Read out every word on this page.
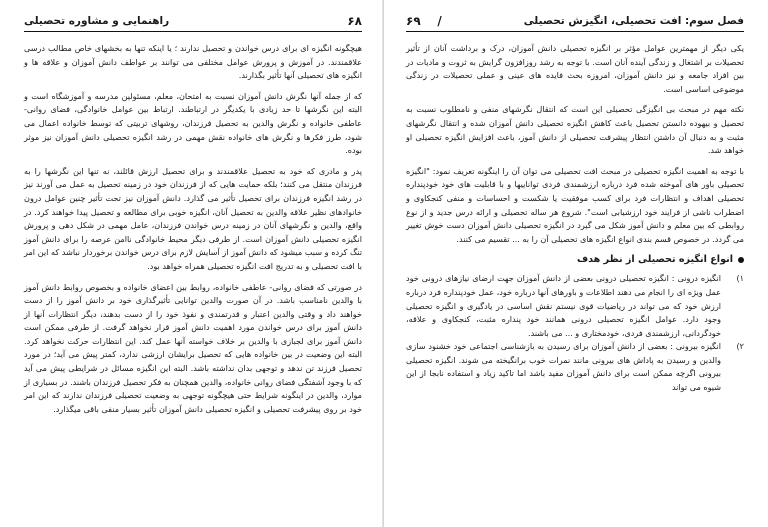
۶۸
راهنمایی و مشاوره تحصیلی

هیچگونه انگیزه ای برای درس خواندن و تحصیل ندارند ؛ یا اینکه تنها به بخشهای خاص مطالب درسی علاقمندند. در آموزش و پرورش عوامل مختلفی می توانند بر عواطف دانش آموزان و علاقه ها و انگیزه های تحصیلی آنها تأثیر بگذارند.

که از جمله آنها نگرش دانش آموزان نسبت به امتحان، معلم، مسئولین مدرسه و آموزشگاه است و البته این نگرشها تا حد زیادی با یکدیگر در ارتباطند. ارتباط بین عوامل خانوادگی، فضای روانی- عاطفی خانواده و نگرش والدین به تحصیل فرزندان، روشهای تربیتی که توسط خانواده اعمال می شود، طرز فکرها و نگرش های خانواده نقش مهمی در رشد انگیزه تحصیلی دانش آموزان نیز موثر بوده.

پدر و مادری که خود به تحصیل علاقمندند و برای تحصیل ارزش قائلند، نه تنها این نگرشها را به فرزندان منتقل می کنند؛ بلکه حمایت هایی که از فرزندان خود در زمینه تحصیل به عمل می آورند نیز در رشد انگیزه فرزندان برای تحصیل تأثیر می گذارد. دانش آموزان نیز تحت تأثیر چنین عوامل درون خانوادهای نظیر علاقه والدین به تحصیل آنان، انگیزه خوبی برای مطالعه و تحصیل پیدا خواهند کرد. در واقع، والدین و نگرشهای آنان در زمینه درس خواندن فرزندان، عامل مهمی در شکل دهی و پرورش انگیزه تحصیلی دانش آموزان است. از طرفی دیگر محیط خانوادگی ناامن عرصه را برای دانش آموز تنگ کرده و سبب میشود که دانش آموز از آسایش لازم برای درس خواندن برخوردار نباشد که این امر با افت تحصیلی و به تدریج افت انگیزه تحصیلی همراه خواهد بود.

در صورتی که فضای روانی- عاطفی خانواده، روابط بین اعضای خانواده و بخصوص روابط دانش آموز با والدین نامناسب باشد. در آن صورت والدین توانایی تأثیرگذاری خود بر دانش آموز را از دست خواهند داد و وقتی والدین اعتبار و قدرتمندی و نفوذ خود را از دست بدهند، دیگر انتظارات آنها از دانش آموز برای درس خواندن مورد اهمیت دانش آموز قرار نخواهد گرفت. از طرفی ممکن است دانش آموز برای لجبازی با والدین بر خلاف خواسته آنها عمل کند. این انتظارات حرکت نخواهد کرد. البته این وضعیت در بین خانواده هایی که تحصیل برایشان ارزشی ندارد، کمتر پیش می آید؛ در مورد تحصیل فرزند تن ندهد و توجهی بدان نداشته باشد. البته این انگیزه مسائل در شرایطی پیش می آید که با وجود آشفتگی فضای روانی خانواده، والدین همچنان به فکر تحصیل فرزندان باشند. در بسیاری از موارد، والدین در اینگونه شرایط حتی هیچگونه توجهی به وضعیت تحصیلی فرزندان ندارند که این امر خود بر روی پیشرفت تحصیلی و انگیزه تحصیلی دانش آموزان تأثیر بسیار منفی باقی میگذارد.

فصل سوم: افت تحصیلی، انگیزش تحصیلی
/    ۶۹

یکی دیگر از مهمترین عوامل مؤثر بر انگیزه تحصیلی دانش آموزان، درک و برداشت آنان از تأثیر تحصیلات بر اشتغال و زندگی آینده آنان است. با توجه به رشد روزافزون گرایش به ثروت و مادیات در بین افراد جامعه و نیز دانش آموزان، امروزه بحث فایده های عینی و عملی تحصیلات در زندگی موضوعی اساسی است.

نکته مهم در مبحث بی انگیزگی تحصیلی این است که انتقال نگرشهای منفی و نامطلوب نسبت به تحصیل و بیهوده دانستن تحصیل باعث کاهش انگیزه تحصیلی دانش آموزان شده و انتقال نگرشهای مثبت و به دنبال آن داشتن انتظار پیشرفت تحصیلی از دانش آموز، باعث افزایش انگیزه تحصیلی او خواهد شد.

با توجه به اهمیت انگیزه تحصیلی در مبحث افت تحصیلی می توان آن را اینگونه تعریف نمود: "انگیزه تحصیلی باور های آموخته شده فرد درباره ارزشمندی فردی تواناییها و با قابلیت های خود خودپنداره تحصیلی اهداف و انتظارات فرد برای کسب موفقیت یا شکست و احساسات و منفی کنجکاوی و اضطراب ناشی از فرایند خود ارزشیابی است". شروع هر ساله تحصیلی و ارائه درس جدید و از نوع روابطی که بین معلم و دانش آموز شکل می گیرد در انگیزه تحصیلی دانش آموزان دست خوش تغییر می گردد. در خصوص قسم بندی انواع انگیزه های تحصیلی آن را به ... تقسیم می کنند.

انواع انگیزه تحصیلی از نظر هدف
۱)
انگیزه درونی : انگیزه تحصیلی درونی بعضی از دانش آموزان جهت ارضای نیازهای درونی خود عمل ویژه ای را انجام می دهند اطلاعات و باورهای آنها درباره خود، عمل خودپنداره فرد درباره ارزش خود که می تواند در ریاضیات قوی نیستم نقش اساسی در یادگیری و انگیزه تحصیلی وجود دارد. عوامل انگیزه تحصیلی درونی همانند خود پنداره مثبت، کنجکاوی و علاقه، خودگردانی، ارزشمندی فردی، خودمختاری و ... می باشند.
۲)
انگیزه بیرونی : بعضی از دانش آموزان برای رسیدن به بازشناسی اجتماعی خود خشنود سازی والدین و رسیدن به پاداش های بیرونی مانند نمرات خوب برانگیخته می شوند. انگیزه تحصیلی بیرونی اگرچه ممکن است برای دانش آموزان مفید باشد اما تاکید زیاد و استفاده نابجا از این شیوه می تواند
